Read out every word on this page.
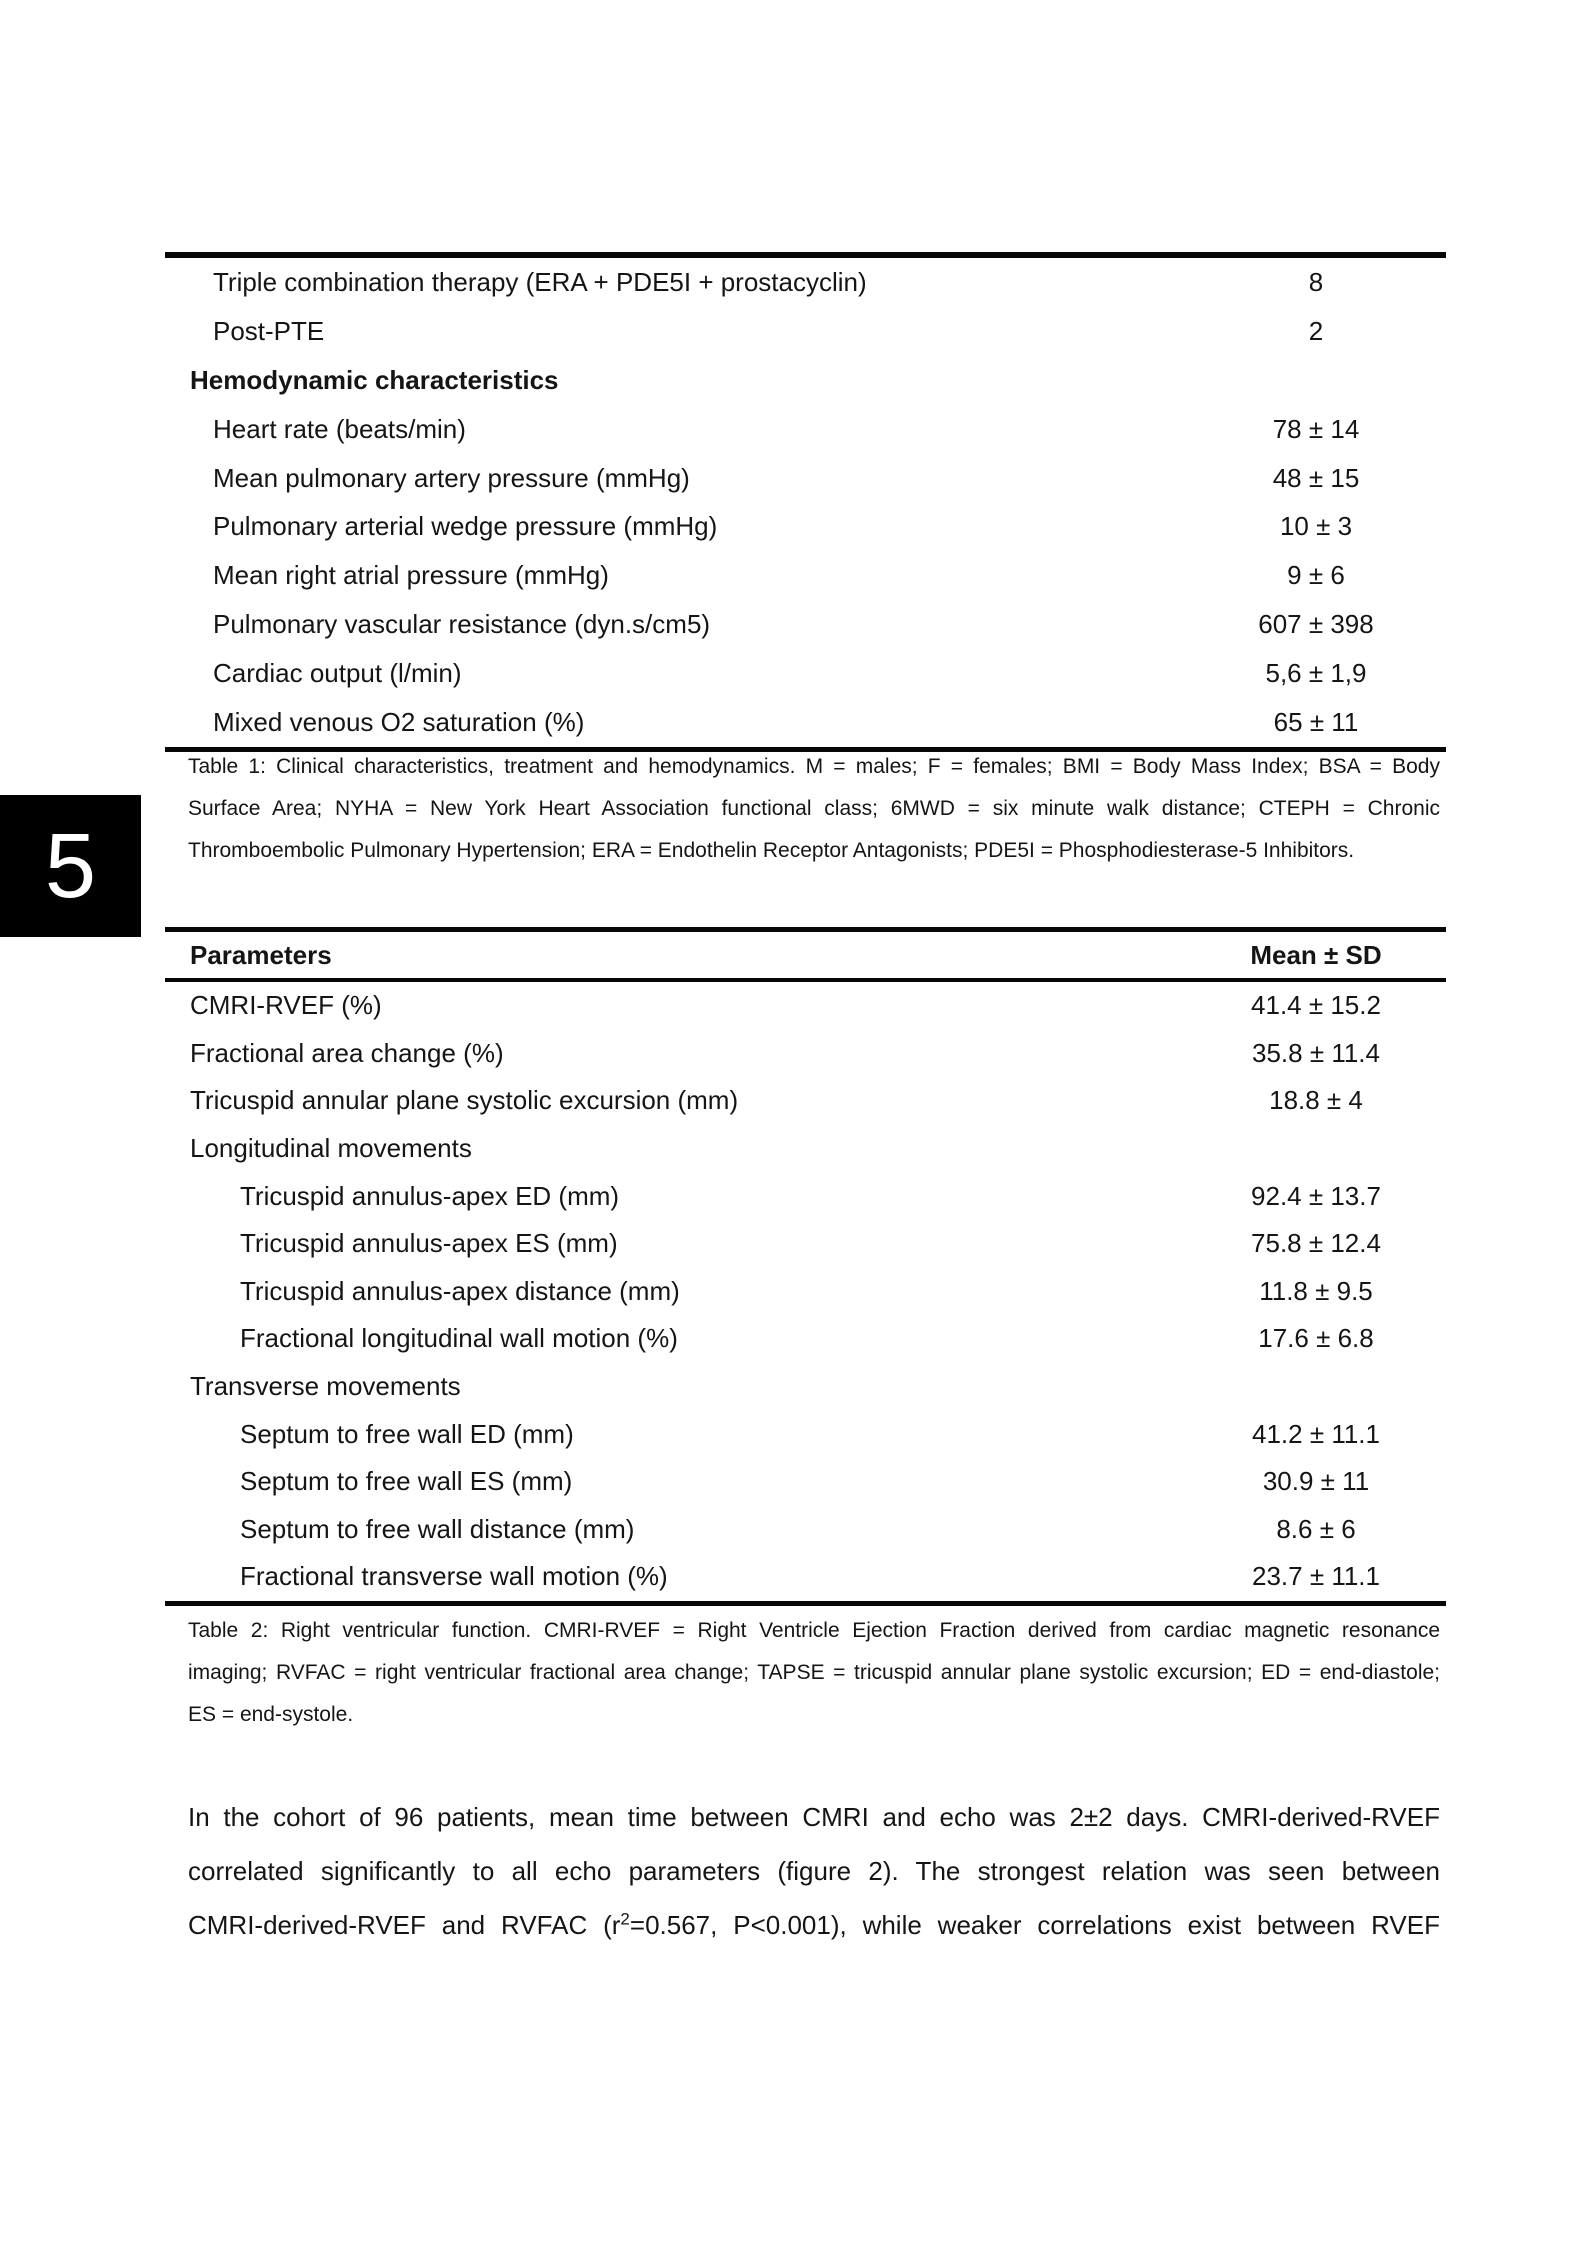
5
Triple combination therapy (ERA + PDE5I + prostacyclin)	8
Post-PTE	2
Hemodynamic characteristics
Heart rate (beats/min)	78 ± 14
Mean pulmonary artery pressure (mmHg)	48 ± 15
Pulmonary arterial wedge pressure (mmHg)	10 ± 3
Mean right atrial pressure (mmHg)	9 ± 6
Pulmonary vascular resistance (dyn.s/cm5)	607 ± 398
Cardiac output (l/min)	5,6 ± 1,9
Mixed venous O2 saturation (%)	65 ± 11
Table 1: Clinical characteristics, treatment and hemodynamics. M = males; F = females; BMI = Body Mass Index; BSA = Body
Surface Area; NYHA = New York Heart Association functional class; 6MWD = six minute walk distance; CTEPH = Chronic
Thromboembolic Pulmonary Hypertension; ERA = Endothelin Receptor Antagonists; PDE5I = Phosphodiesterase-5 Inhibitors.
Parameters	Mean ± SD
CMRI-RVEF (%)	41.4 ± 15.2
Fractional area change (%)	35.8 ± 11.4
Tricuspid annular plane systolic excursion (mm)	18.8 ± 4
Longitudinal movements
Tricuspid annulus-apex ED (mm)	92.4 ± 13.7
Tricuspid annulus-apex ES (mm)	75.8 ± 12.4
Tricuspid annulus-apex distance (mm)	11.8 ± 9.5
Fractional longitudinal wall motion (%)	17.6 ± 6.8
Transverse movements
Septum to free wall ED (mm)	41.2 ± 11.1
Septum to free wall ES (mm)	30.9 ± 11
Septum to free wall distance (mm)	8.6 ± 6
Fractional transverse wall motion (%)	23.7 ± 11.1
Table 2: Right ventricular function. CMRI-RVEF = Right Ventricle Ejection Fraction derived from cardiac magnetic resonance
imaging; RVFAC = right ventricular fractional area change; TAPSE = tricuspid annular plane systolic excursion; ED = end-diastole;
ES = end-systole.
In the cohort of 96 patients, mean time between CMRI and echo was 2±2 days. CMRI-derived-RVEF
correlated significantly to all echo parameters (figure 2). The strongest relation was seen between
CMRI-derived-RVEF and RVFAC ($r^2=0.567$, P<0.001), while weaker correlations exist between RVEF
